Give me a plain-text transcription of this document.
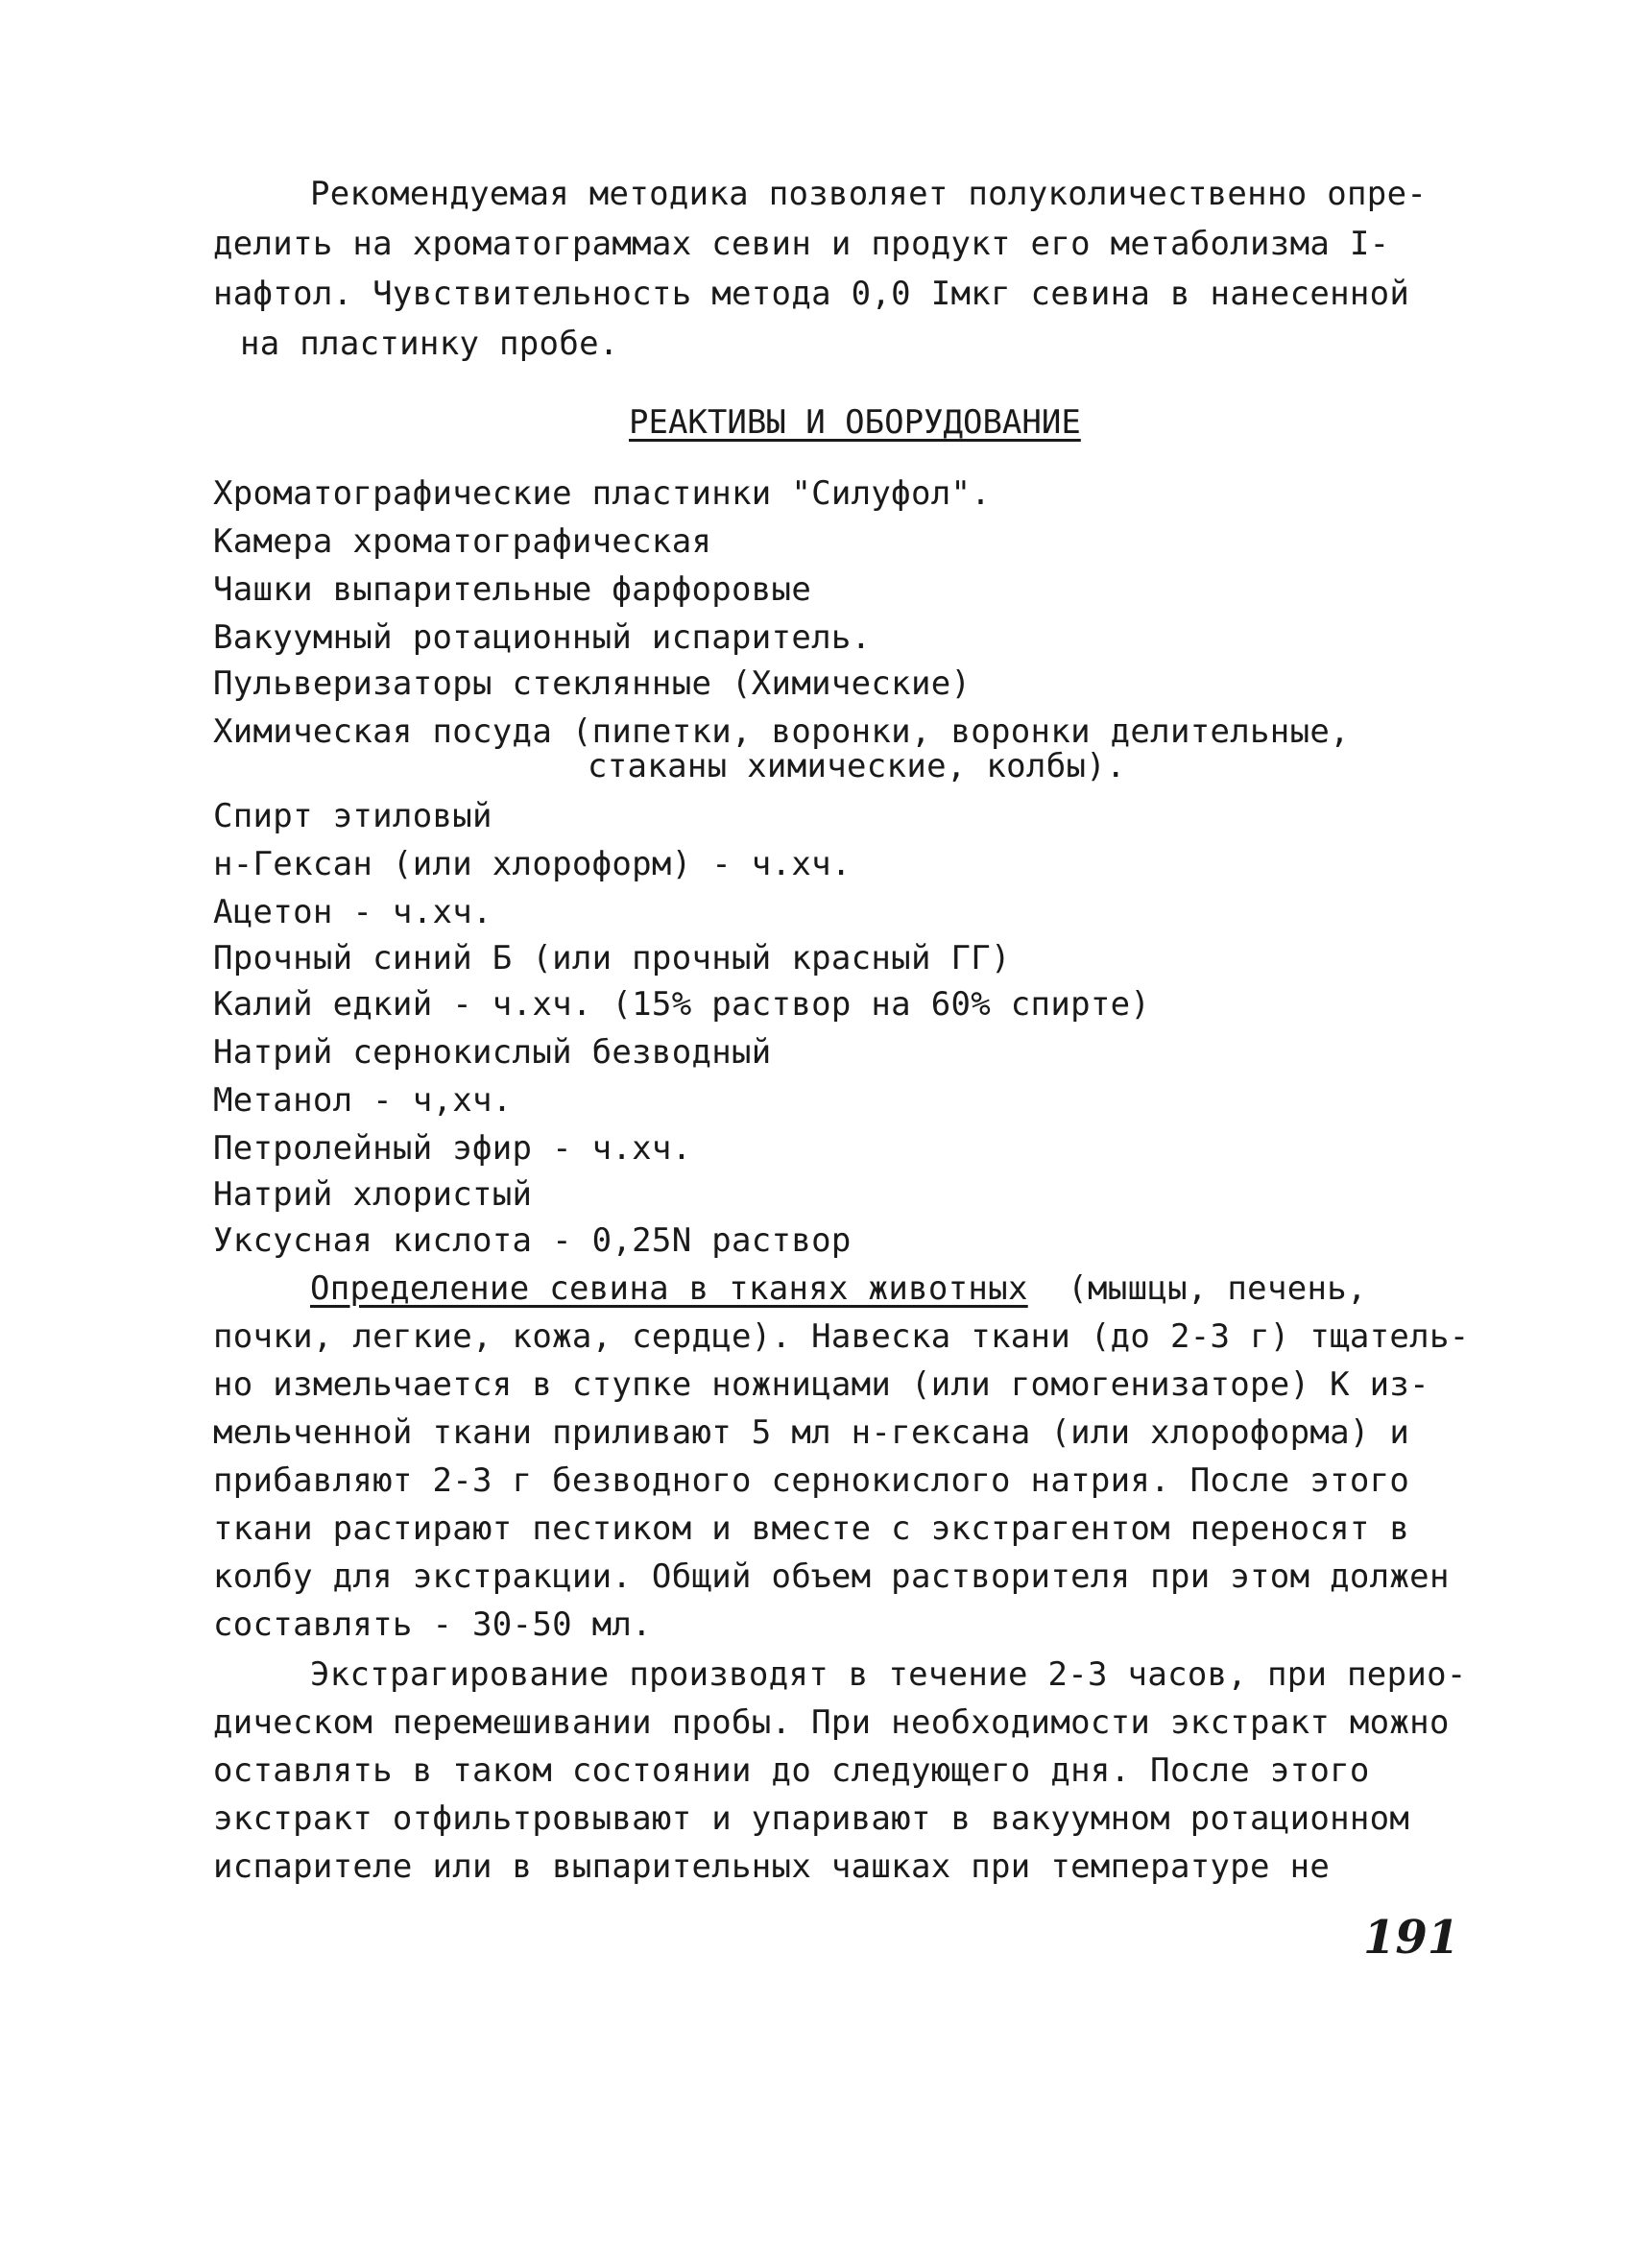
Рекомендуемая методика позволяет полуколичественно опре-
делить на хроматограммах севин и продукт его метаболизма I-
нафтол. Чувствительность метода 0,0 Iмкг севина в нанесенной
на пластинку пробе.
РЕАКТИВЫ И ОБОРУДОВАНИЕ
Хроматографические пластинки "Силуфол".
Камера хроматографическая
Чашки выпарительные фарфоровые
Вакуумный ротационный испаритель.
Пульверизаторы стеклянные (Химические)
Химическая посуда (пипетки, воронки, воронки делительные,
стаканы химические, колбы).
Спирт этиловый
н-Гексан (или хлороформ) - ч.хч.
Ацетон - ч.хч.
Прочный синий Б (или прочный красный ГГ)
Калий едкий - ч.хч. (15% раствор на 60% спирте)
Натрий сернокислый безводный
Метанол - ч,хч.
Петролейный эфир - ч.хч.
Натрий хлористый
Уксусная кислота - 0,25N раствор
Определение севина в тканях животных  (мышцы, печень,
почки, легкие, кожа, сердце). Навеска ткани (до 2-3 г) тщатель-
но измельчается в ступке ножницами (или гомогенизаторе) К из-
мельченной ткани приливают 5 мл н-гексана (или хлороформа) и
прибавляют 2-3 г безводного сернокислого натрия. После этого
ткани растирают пестиком и вместе с экстрагентом переносят в
колбу для экстракции. Общий объем растворителя при этом должен
составлять - 30-50 мл.
Экстрагирование производят в течение 2-3 часов, при перио-
дическом перемешивании пробы. При необходимости экстракт можно
оставлять в таком состоянии до следующего дня. После этого
экстракт отфильтровывают и упаривают в вакуумном ротационном
испарителе или в выпарительных чашках при температуре не
191
